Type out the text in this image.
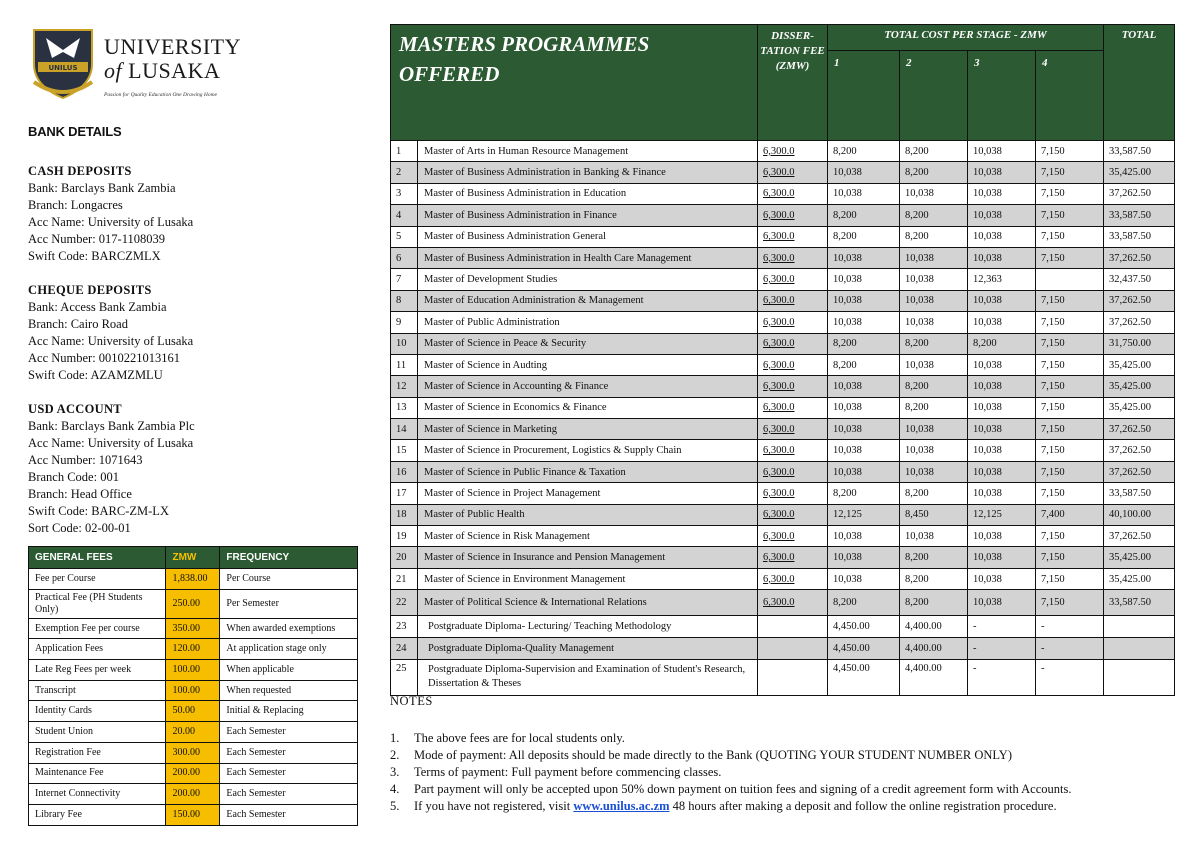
UNILUS
UNIVERSITY
of LUSAKA
Passion for Quality Education One Drawing Home
BANK DETAILS
CASH DEPOSITS
Bank: Barclays Bank Zambia
Branch: Longacres
Acc Name: University of Lusaka
Acc Number: 017-1108039
Swift Code: BARCZMLX
CHEQUE DEPOSITS
Bank: Access Bank Zambia
Branch: Cairo Road
Acc Name: University of Lusaka
Acc Number: 0010221013161
Swift Code: AZAMZMLU
USD ACCOUNT
Bank: Barclays Bank Zambia Plc
Acc Name: University of Lusaka
Acc Number: 1071643
Branch Code: 001
Branch: Head Office
Swift Code: BARC-ZM-LX
Sort Code: 02-00-01
GENERAL FEES	ZMW	FREQUENCY
Fee per Course	1,838.00	Per Course
Practical Fee (PH Students Only)	250.00	Per Semester
Exemption Fee per course	350.00	When awarded exemptions
Application Fees	120.00	At application stage only
Late Reg Fees per week	100.00	When applicable
Transcript	100.00	When requested
Identity Cards	50.00	Initial & Replacing
Student Union	20.00	Each Semester
Registration Fee	300.00	Each Semester
Maintenance Fee	200.00	Each Semester
Internet Connectivity	200.00	Each Semester
Library Fee	150.00	Each Semester
MASTERS PROGRAMMES OFFERED		DISSER-TATION FEE (ZMW)	TOTAL COST PER STAGE - ZMW				TOTAL
			1	2	3	4	
1	Master of Arts in Human Resource Management	6,300.0	8,200	8,200	10,038	7,150	33,587.50
2	Master of Business Administration in Banking & Finance	6,300.0	10,038	8,200	10,038	7,150	35,425.00
3	Master of Business Administration in Education	6,300.0	10,038	10,038	10,038	7,150	37,262.50
4	Master of Business Administration in Finance	6,300.0	8,200	8,200	10,038	7,150	33,587.50
5	Master of Business Administration General	6,300.0	8,200	8,200	10,038	7,150	33,587.50
6	Master of Business Administration in Health Care Management	6,300.0	10,038	10,038	10,038	7,150	37,262.50
7	Master of Development Studies	6,300.0	10,038	10,038	12,363		32,437.50
8	Master of Education Administration & Management	6,300.0	10,038	10,038	10,038	7,150	37,262.50
9	Master of Public Administration	6,300.0	10,038	10,038	10,038	7,150	37,262.50
10	Master of Science in Peace & Security	6,300.0	8,200	8,200	8,200	7,150	31,750.00
11	Master of Science in Audting	6,300.0	8,200	10,038	10,038	7,150	35,425.00
12	Master of Science in Accounting & Finance	6,300.0	10,038	8,200	10,038	7,150	35,425.00
13	Master of Science in Economics & Finance	6,300.0	10,038	8,200	10,038	7,150	35,425.00
14	Master of Science in Marketing	6,300.0	10,038	10,038	10,038	7,150	37,262.50
15	Master of Science in Procurement, Logistics & Supply Chain	6,300.0	10,038	10,038	10,038	7,150	37,262.50
16	Master of Science in Public Finance & Taxation	6,300.0	10,038	10,038	10,038	7,150	37,262.50
17	Master of Science in Project Management	6,300.0	8,200	8,200	10,038	7,150	33,587.50
18	Master of Public Health	6,300.0	12,125	8,450	12,125	7,400	40,100.00
19	Master of Science in Risk Management	6,300.0	10,038	10,038	10,038	7,150	37,262.50
20	Master of Science in Insurance and Pension Management	6,300.0	10,038	8,200	10,038	7,150	35,425.00
21	Master of Science in Environment Management	6,300.0	10,038	8,200	10,038	7,150	35,425.00
22	Master of Political Science & International Relations	6,300.0	8,200	8,200	10,038	7,150	33,587.50
23	Postgraduate Diploma- Lecturing/ Teaching Methodology		4,450.00	4,400.00	-	-	
24	Postgraduate Diploma-Quality Management		4,450.00	4,400.00	-	-	
25	Postgraduate Diploma-Supervision and Examination of Student's Research, Dissertation & Theses		4,450.00	4,400.00	-	-	
NOTES
1. The above fees are for local students only.
2. Mode of payment: All deposits should be made directly to the Bank (QUOTING YOUR STUDENT NUMBER ONLY)
3. Terms of payment: Full payment before commencing classes.
4. Part payment will only be accepted upon 50% down payment on tuition fees and signing of a credit agreement form with Accounts.
5. If you have not registered, visit www.unilus.ac.zm 48 hours after making a deposit and follow the online registration procedure.
